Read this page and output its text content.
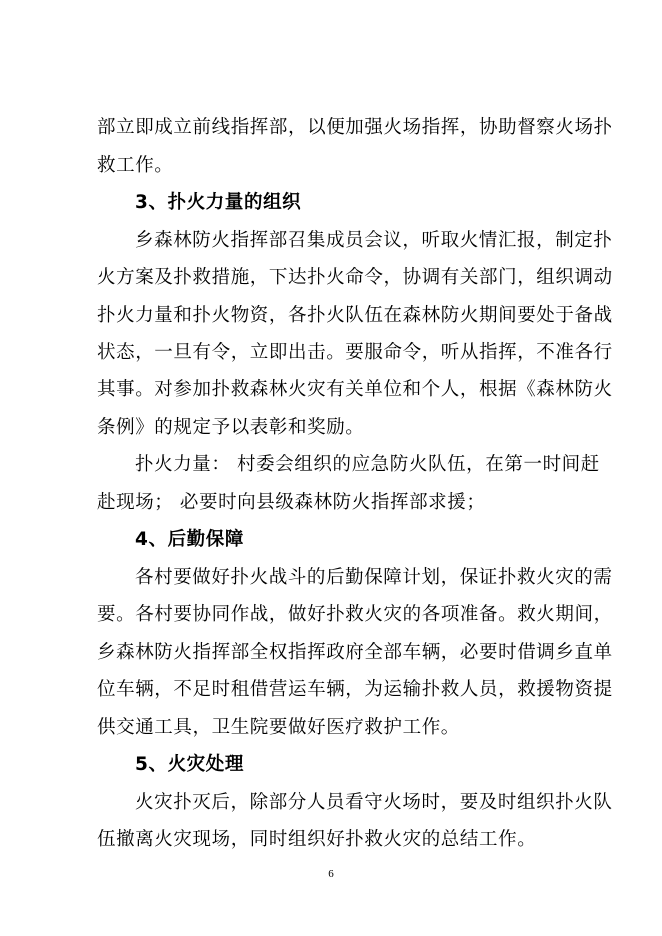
部立即成立前线指挥部，以便加强火场指挥，协助督察火场扑
救工作。
3、扑火力量的组织
乡森林防火指挥部召集成员会议，听取火情汇报，制定扑
火方案及扑救措施，下达扑火命令，协调有关部门，组织调动
扑火力量和扑火物资，各扑火队伍在森林防火期间要处于备战
状态，一旦有令，立即出击。要服命令，听从指挥，不准各行
其事。对参加扑救森林火灾有关单位和个人，根据《森林防火
条例》的规定予以表彰和奖励。
扑火力量： 村委会组织的应急防火队伍，在第一时间赶
赴现场； 必要时向县级森林防火指挥部求援；
4、后勤保障
各村要做好扑火战斗的后勤保障计划，保证扑救火灾的需
要。各村要协同作战，做好扑救火灾的各项准备。救火期间，
乡森林防火指挥部全权指挥政府全部车辆，必要时借调乡直单
位车辆，不足时租借营运车辆，为运输扑救人员，救援物资提
供交通工具，卫生院要做好医疗救护工作。
5、火灾处理
火灾扑灭后，除部分人员看守火场时，要及时组织扑火队
伍撤离火灾现场，同时组织好扑救火灾的总结工作。
6
